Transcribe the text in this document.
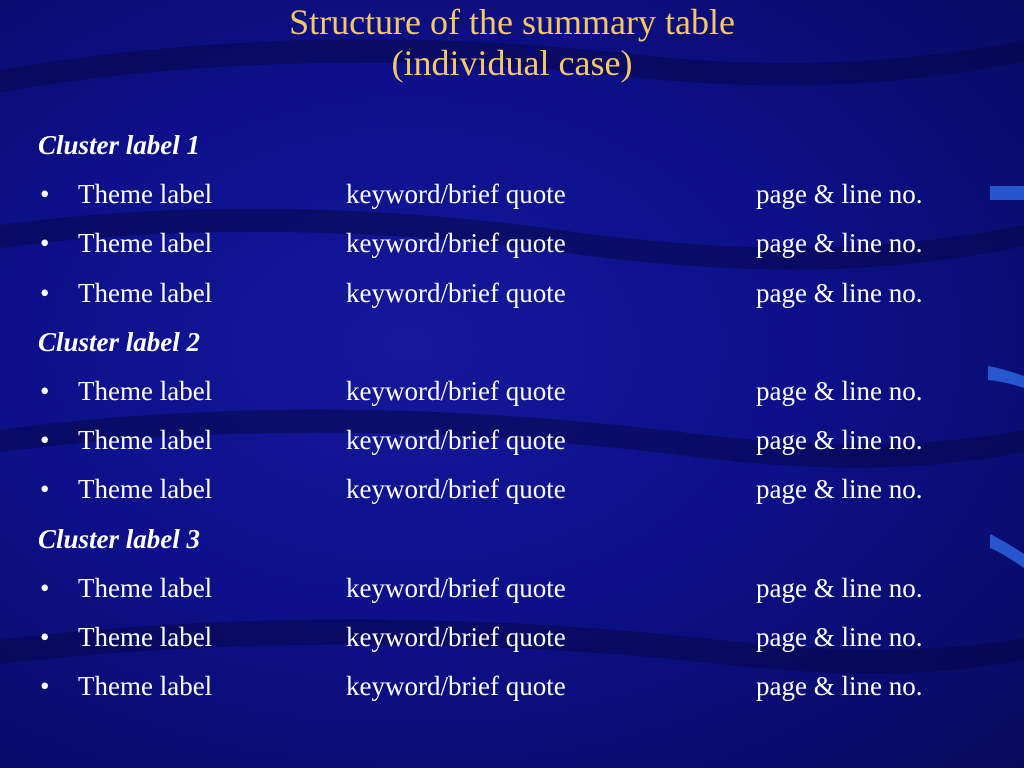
Structure of the summary table
(individual case)
Cluster label 1
• Theme label	keyword/brief quote	page & line no.
• Theme label	keyword/brief quote	page & line no.
• Theme label	keyword/brief quote	page & line no.
Cluster label 2
• Theme label	keyword/brief quote	page & line no.
• Theme label	keyword/brief quote	page & line no.
• Theme label	keyword/brief quote	page & line no.
Cluster label 3
• Theme label	keyword/brief quote	page & line no.
• Theme label	keyword/brief quote	page & line no.
• Theme label	keyword/brief quote	page & line no.
